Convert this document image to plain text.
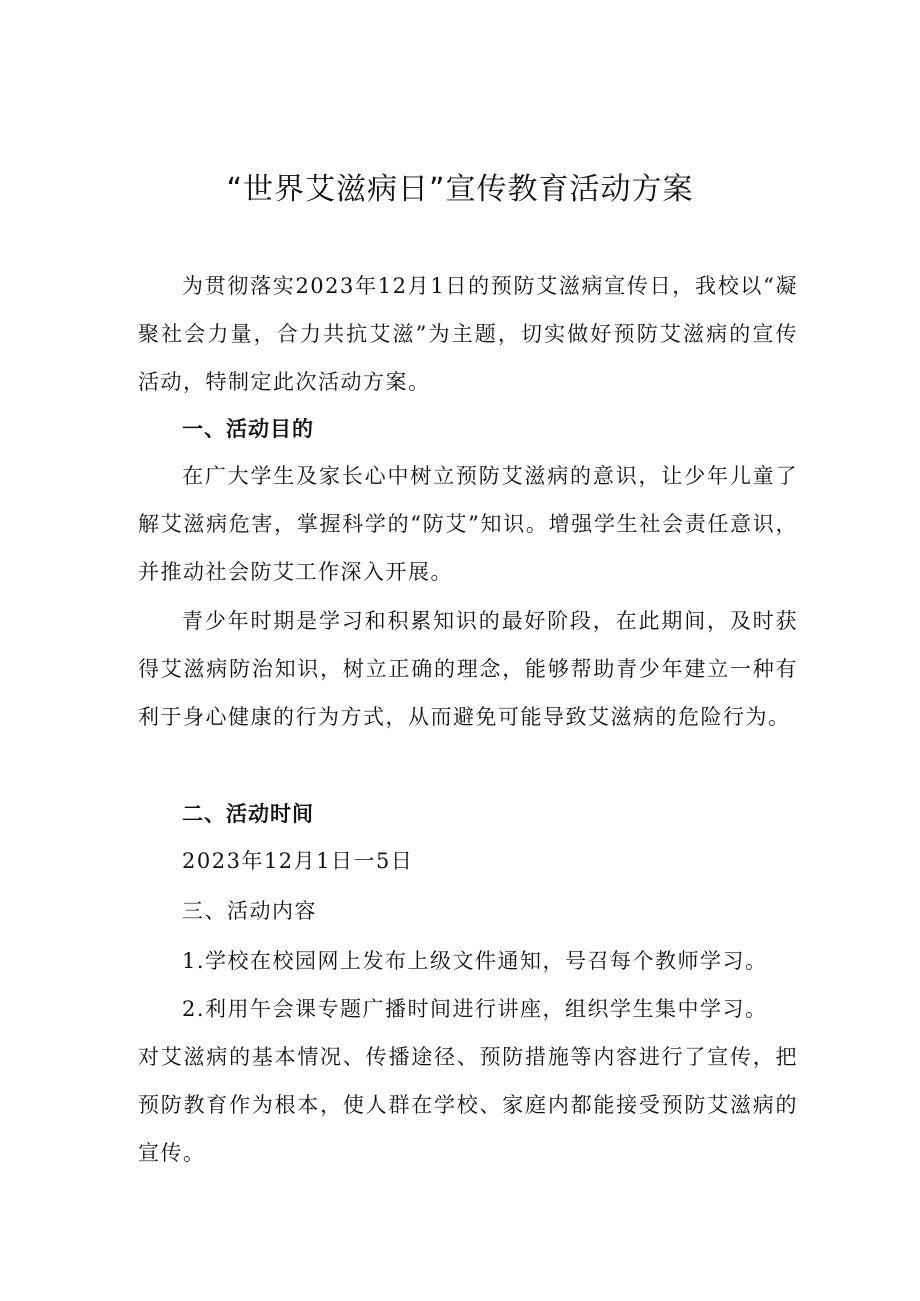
“世界艾滋病日”宣传教育活动方案

为贯彻落实2023年12月1日的预防艾滋病宣传日，我校以“凝聚社会力量，合力共抗艾滋”为主题，切实做好预防艾滋病的宣传活动，特制定此次活动方案。

一、活动目的

在广大学生及家长心中树立预防艾滋病的意识，让少年儿童了解艾滋病危害，掌握科学的“防艾”知识。增强学生社会责任意识，并推动社会防艾工作深入开展。

青少年时期是学习和积累知识的最好阶段，在此期间，及时获得艾滋病防治知识，树立正确的理念，能够帮助青少年建立一种有利于身心健康的行为方式，从而避免可能导致艾滋病的危险行为。

二、活动时间

2023年12月1日一5日

三、活动内容

1.学校在校园网上发布上级文件通知，号召每个教师学习。

2.利用午会课专题广播时间进行讲座，组织学生集中学习。

对艾滋病的基本情况、传播途径、预防措施等内容进行了宣传，把预防教育作为根本，使人群在学校、家庭内都能接受预防艾滋病的宣传。
